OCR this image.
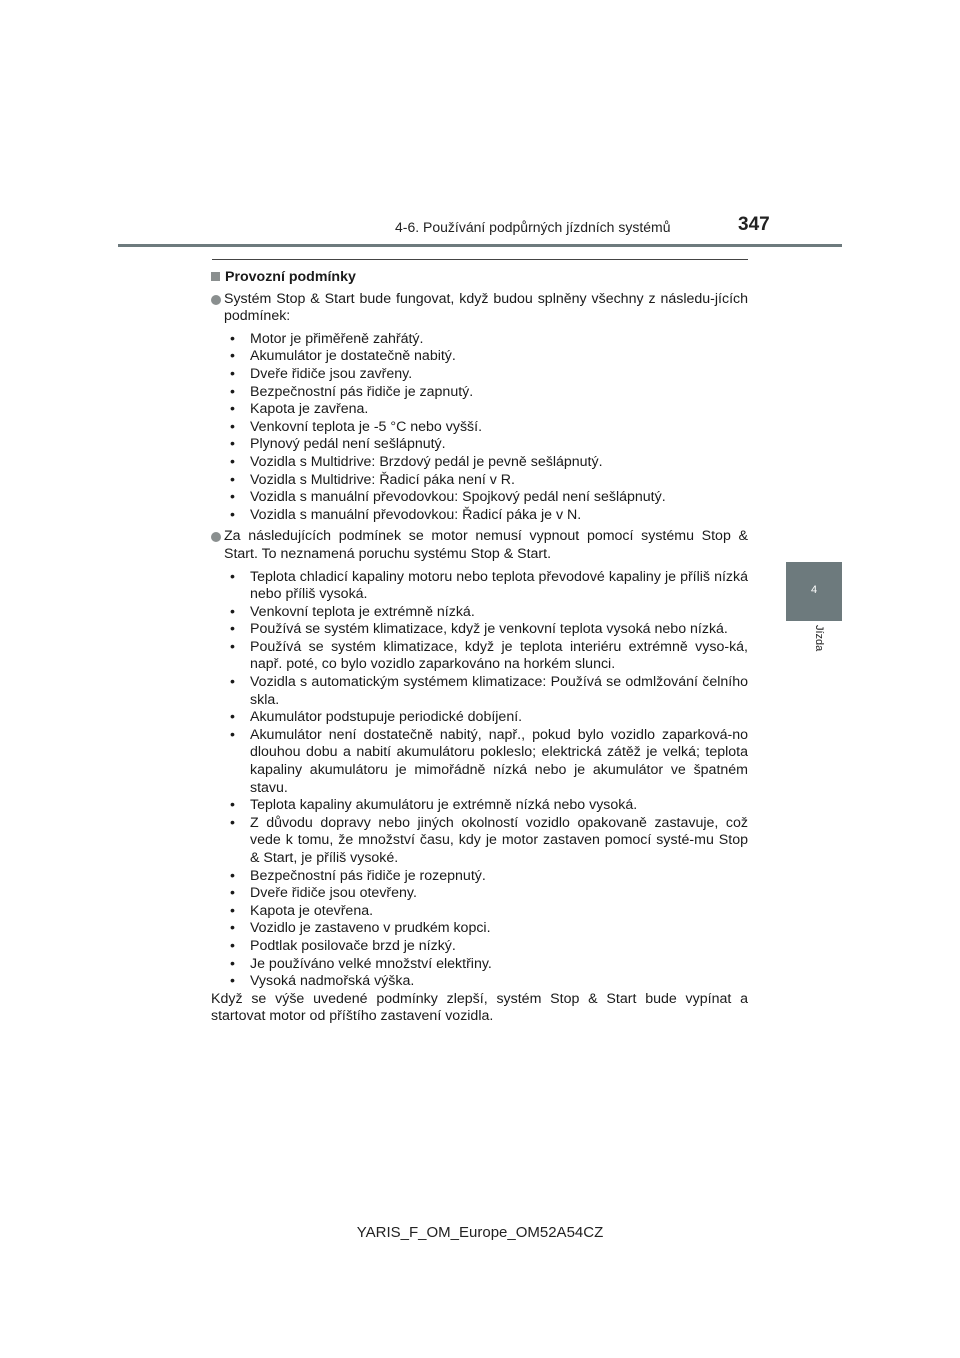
4-6. Používání podpůrných jízdních systémů	347
4
Jízda

Provozní podmínky

Systém Stop & Start bude fungovat, když budou splněny všechny z následu-jících podmínek:

• Motor je přiměřeně zahřátý.
• Akumulátor je dostatečně nabitý.
• Dveře řidiče jsou zavřeny.
• Bezpečnostní pás řidiče je zapnutý.
• Kapota je zavřena.
• Venkovní teplota je -5 °C nebo vyšší.
• Plynový pedál není sešlápnutý.
• Vozidla s Multidrive: Brzdový pedál je pevně sešlápnutý.
• Vozidla s Multidrive: Řadicí páka není v R.
• Vozidla s manuální převodovkou: Spojkový pedál není sešlápnutý.
• Vozidla s manuální převodovkou: Řadicí páka je v N.

Za následujících podmínek se motor nemusí vypnout pomocí systému Stop & Start. To neznamená poruchu systému Stop & Start.

• Teplota chladicí kapaliny motoru nebo teplota převodové kapaliny je příliš nízká nebo příliš vysoká.
• Venkovní teplota je extrémně nízká.
• Používá se systém klimatizace, když je venkovní teplota vysoká nebo nízká.
• Používá se systém klimatizace, když je teplota interiéru extrémně vyso-ká, např. poté, co bylo vozidlo zaparkováno na horkém slunci.
• Vozidla s automatickým systémem klimatizace: Používá se odmlžování čelního skla.
• Akumulátor podstupuje periodické dobíjení.
• Akumulátor není dostatečně nabitý, např., pokud bylo vozidlo zaparková-no dlouhou dobu a nabití akumulátoru pokleslo; elektrická zátěž je velká; teplota kapaliny akumulátoru je mimořádně nízká nebo je akumulátor ve špatném stavu.
• Teplota kapaliny akumulátoru je extrémně nízká nebo vysoká.
• Z důvodu dopravy nebo jiných okolností vozidlo opakovaně zastavuje, což vede k tomu, že množství času, kdy je motor zastaven pomocí systé-mu Stop & Start, je příliš vysoké.
• Bezpečnostní pás řidiče je rozepnutý.
• Dveře řidiče jsou otevřeny.
• Kapota je otevřena.
• Vozidlo je zastaveno v prudkém kopci.
• Podtlak posilovače brzd je nízký.
• Je používáno velké množství elektřiny.
• Vysoká nadmořská výška.

Když se výše uvedené podmínky zlepší, systém Stop & Start bude vypínat a startovat motor od příštího zastavení vozidla.

YARIS_F_OM_Europe_OM52A54CZ
